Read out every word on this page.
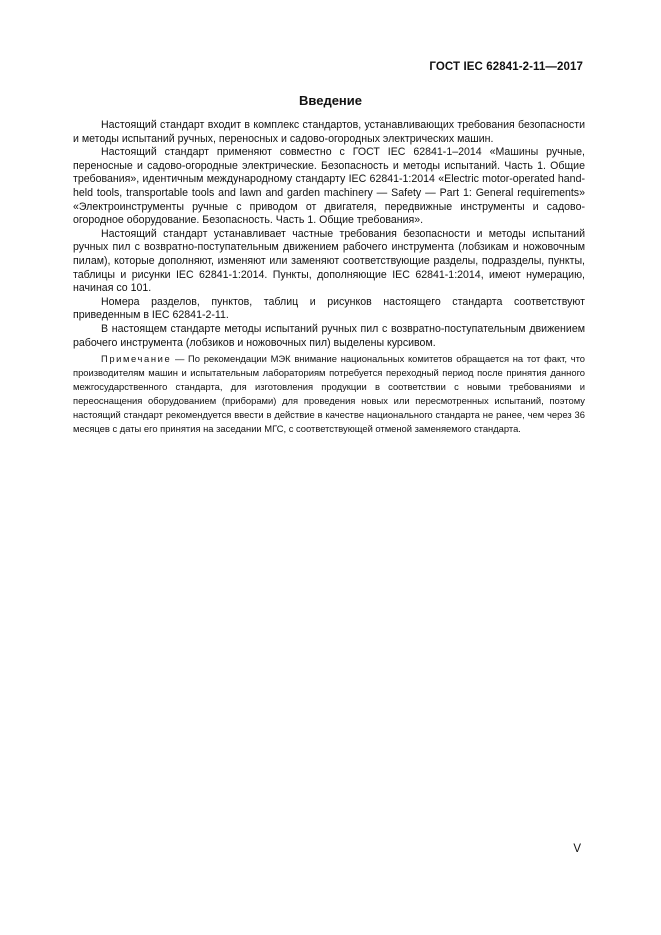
ГОСТ IEC 62841-2-11—2017
Введение

Настоящий стандарт входит в комплекс стандартов, устанавливающих требования безопасности и методы испытаний ручных, переносных и садово-огородных электрических машин.

Настоящий стандарт применяют совместно с ГОСТ IEC 62841-1–2014 «Машины ручные, переносные и садово-огородные электрические. Безопасность и методы испытаний. Часть 1. Общие требования», идентичным международному стандарту IEC 62841-1:2014 «Electric motor-operated hand-held tools, transportable tools and lawn and garden machinery — Safety — Part 1: General requirements» «Электроинструменты ручные с приводом от двигателя, передвижные инструменты и садово-огородное оборудование. Безопасность. Часть 1. Общие требования».

Настоящий стандарт устанавливает частные требования безопасности и методы испытаний ручных пил с возвратно-поступательным движением рабочего инструмента (лобзикам и ножовочным пилам), которые дополняют, изменяют или заменяют соответствующие разделы, подразделы, пункты, таблицы и рисунки IEC 62841-1:2014. Пункты, дополняющие IEC 62841-1:2014, имеют нумерацию, начиная со 101.

Номера разделов, пунктов, таблиц и рисунков настоящего стандарта соответствуют приведенным в IEC 62841-2-11.

В настоящем стандарте методы испытаний ручных пил с возвратно-поступательным движением рабочего инструмента (лобзиков и ножовочных пил) выделены курсивом.

Примечание — По рекомендации МЭК внимание национальных комитетов обращается на тот факт, что производителям машин и испытательным лабораториям потребуется переходный период после принятия данного межгосударственного стандарта, для изготовления продукции в соответствии с новыми требованиями и переоснащения оборудованием (приборами) для проведения новых или пересмотренных испытаний, поэтому настоящий стандарт рекомендуется ввести в действие в качестве национального стандарта не ранее, чем через 36 месяцев с даты его принятия на заседании МГС, с соответствующей отменой заменяемого стандарта.

V
